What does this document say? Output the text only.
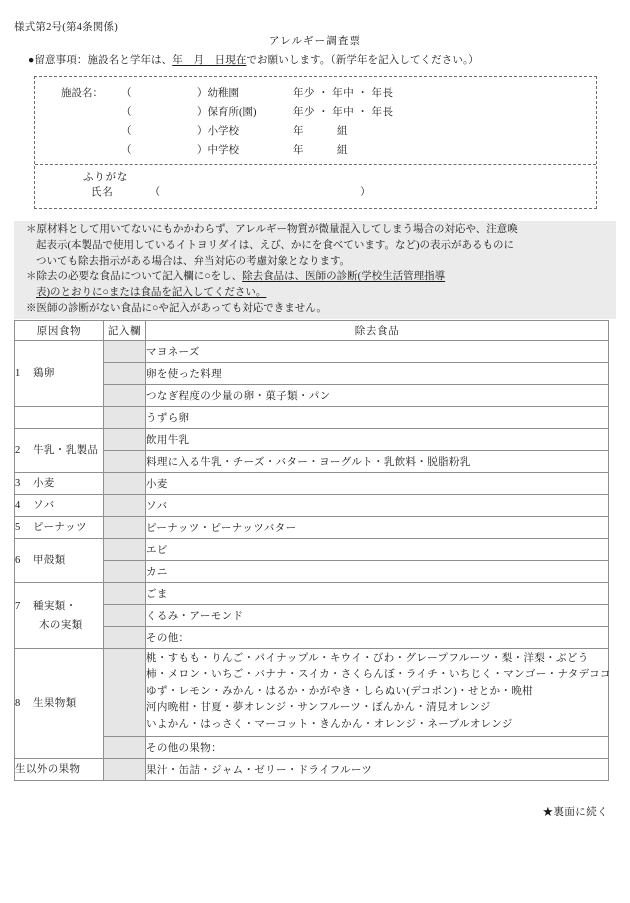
様式第2号(第4条関係)
アレルギー調査票
●留意事項：施設名と学年は、年　月　日現在でお願いします。（新学年を記入してください。）
施設名：	（	）幼稚園	年少 ・ 年中 ・ 年長
（	）保育所(園)	年少 ・ 年中 ・ 年長
（	）小学校	年　　　組
（	）中学校	年　　　組
ふりがな
氏名	（	）
＊原材料として用いてないにもかかわらず、アレルギー物質が微量混入してしまう場合の対応や、注意喚
起表示(本製品で使用しているイトヨリダイは、えび、かにを食べています。など)の表示があるものに
ついても除去指示がある場合は、弁当対応の考慮対象となります。
＊除去の必要な食品について記入欄に○をし、除去食品は、医師の診断(学校生活管理指導
表)のとおりに○または食品を記入してください。
※医師の診断がない食品に○や記入があっても対応できません。
原因食物	記入欄	除去食品
1 鶏卵		マヨネーズ
		卵を使った料理
		つなぎ程度の少量の卵・菓子類・パン
		うずら卵
2 牛乳・乳製品		飲用牛乳
		料理に入る牛乳・チーズ・バター・ヨーグルト・乳飲料・脱脂粉乳
3 小麦		小麦
4 ソバ		ソバ
5 ピーナッツ		ピーナッツ・ピーナッツバター
6 甲殻類		エビ
		カニ
7 種実類・
木の実類		ごま
		くるみ・アーモンド
		その他：
8 生果物類		桃・すもも・りんご・パイナップル・キウイ・びわ・グレープフルーツ・梨・洋梨・ぶどう
柿・メロン・いちご・バナナ・スイカ・さくらんぼ・ライチ・いちじく・マンゴー・ナタデココ
ゆず・レモン・みかん・はるか・かがやき・しらぬい(デコポン)・せとか・晩柑
河内晩柑・甘夏・夢オレンジ・サンフルーツ・ぽんかん・清見オレンジ
いよかん・はっさく・マーコット・きんかん・オレンジ・ネーブルオレンジ

		その他の果物：
生以外の果物		果汁・缶詰・ジャム・ゼリー・ドライフルーツ
★裏面に続く
